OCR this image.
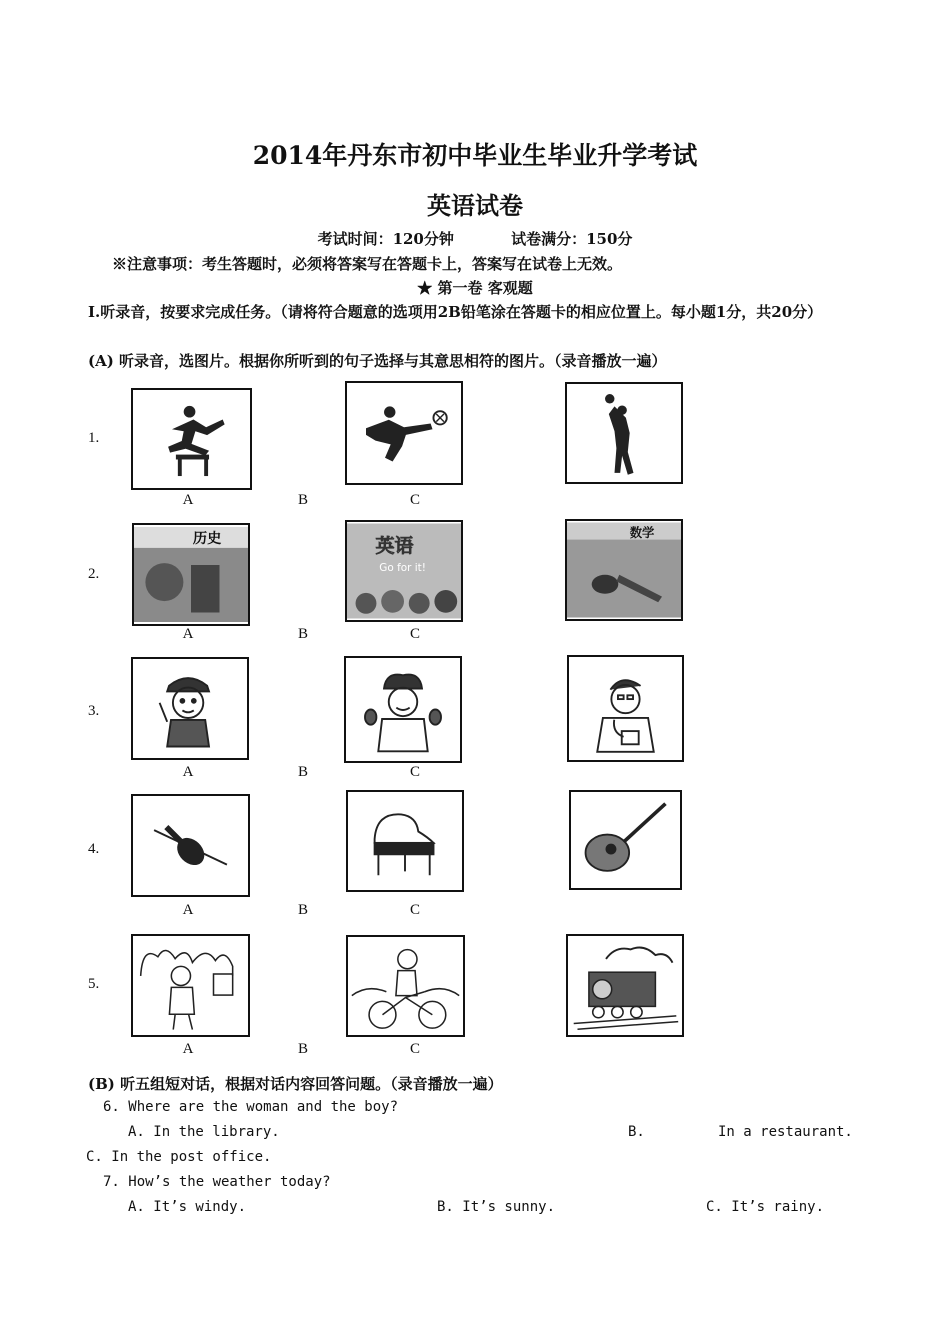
2014年丹东市初中毕业生毕业升学考试
英语试卷
考试时间：120分钟	试卷满分：150分
※注意事项：考生答题时，必须将答案写在答题卡上，答案写在试卷上无效。
★ 第一卷 客观题
Ⅰ.听录音，按要求完成任务。（请将符合题意的选项用2B铅笔涂在答题卡的相应位置上。每小题1分，共20分）
(A) 听录音，选图片。根据你所听到的句子选择与其意思相符的图片。（录音播放一遍）
1.
A	B	C
2.
历史	英语
Go for it!
数学
A	B	C
3.
A	B	C
4.
A	B	C
5.
A	B	C
(B) 听五组短对话，根据对话内容回答问题。（录音播放一遍）
6. Where are the woman and the boy?
A. In the library.	B.	In a restaurant.
C. In the post office.
7. How’s the weather today?
A. It’s windy.	B. It’s sunny.	C. It’s rainy.
